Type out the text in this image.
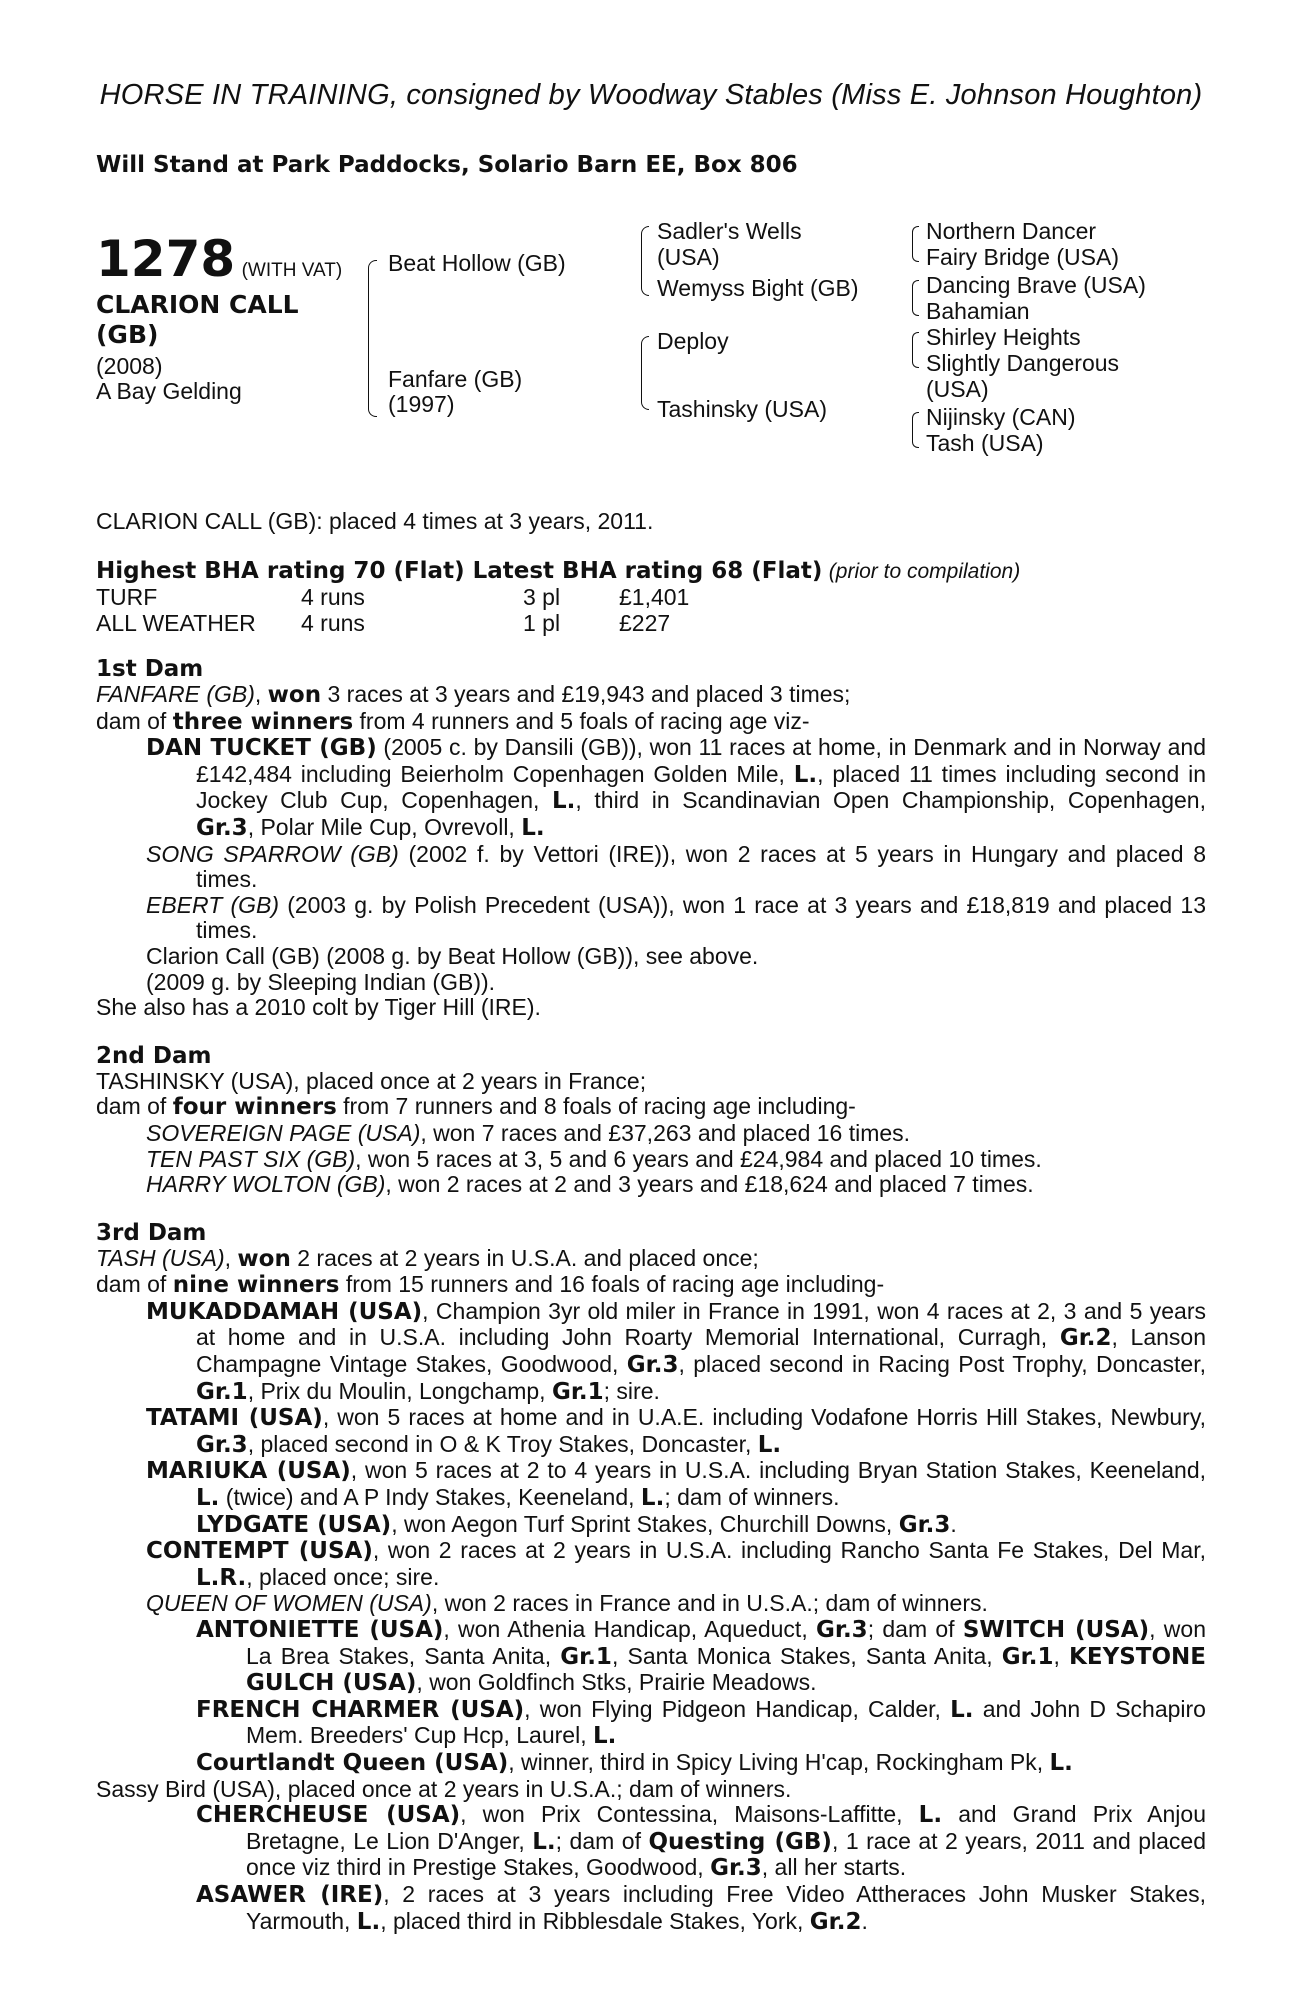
HORSE IN TRAINING, consigned by Woodway Stables (Miss E. Johnson Houghton)
Will Stand at Park Paddocks, Solario Barn EE, Box 806
1278 (WITH VAT)
CLARION CALL (GB)
(2008)
A Bay Gelding
Beat Hollow (GB)
Fanfare (GB)
(1997)
Sadler's Wells
(USA)
Wemyss Bight (GB)
Deploy
Tashinsky (USA)
Northern Dancer
Fairy Bridge (USA)
Dancing Brave (USA)
Bahamian
Shirley Heights
Slightly Dangerous
(USA)
Nijinsky (CAN)
Tash (USA)
CLARION CALL (GB): placed 4 times at 3 years, 2011.
Highest BHA rating 70 (Flat) Latest BHA rating 68 (Flat) (prior to compilation)
TURF	4 runs	3 pl	£1,401
ALL WEATHER 4 runs	1 pl	£227
1st Dam

FANFARE (GB), won 3 races at 3 years and £19,943 and placed 3 times;

dam of three winners from 4 runners and 5 foals of racing age viz-

DAN TUCKET (GB) (2005 c. by Dansili (GB)), won 11 races at home, in Denmark and in Norway and £142,484 including Beierholm Copenhagen Golden Mile, L., placed 11 times including second in Jockey Club Cup, Copenhagen, L., third in Scandinavian Open Championship, Copenhagen, Gr.3, Polar Mile Cup, Ovrevoll, L.

SONG SPARROW (GB) (2002 f. by Vettori (IRE)), won 2 races at 5 years in Hungary and placed 8 times.

EBERT (GB) (2003 g. by Polish Precedent (USA)), won 1 race at 3 years and £18,819 and placed 13 times.

Clarion Call (GB) (2008 g. by Beat Hollow (GB)), see above.

(2009 g. by Sleeping Indian (GB)).

She also has a 2010 colt by Tiger Hill (IRE).

2nd Dam

TASHINSKY (USA), placed once at 2 years in France;

dam of four winners from 7 runners and 8 foals of racing age including-

SOVEREIGN PAGE (USA), won 7 races and £37,263 and placed 16 times.

TEN PAST SIX (GB), won 5 races at 3, 5 and 6 years and £24,984 and placed 10 times.

HARRY WOLTON (GB), won 2 races at 2 and 3 years and £18,624 and placed 7 times.

3rd Dam

TASH (USA), won 2 races at 2 years in U.S.A. and placed once;

dam of nine winners from 15 runners and 16 foals of racing age including-

MUKADDAMAH (USA), Champion 3yr old miler in France in 1991, won 4 races at 2, 3 and 5 years at home and in U.S.A. including John Roarty Memorial International, Curragh, Gr.2, Lanson Champagne Vintage Stakes, Goodwood, Gr.3, placed second in Racing Post Trophy, Doncaster, Gr.1, Prix du Moulin, Longchamp, Gr.1; sire.

TATAMI (USA), won 5 races at home and in U.A.E. including Vodafone Horris Hill Stakes, Newbury, Gr.3, placed second in O & K Troy Stakes, Doncaster, L.

MARIUKA (USA), won 5 races at 2 to 4 years in U.S.A. including Bryan Station Stakes, Keeneland, L. (twice) and A P Indy Stakes, Keeneland, L.; dam of winners.

LYDGATE (USA), won Aegon Turf Sprint Stakes, Churchill Downs, Gr.3.

CONTEMPT (USA), won 2 races at 2 years in U.S.A. including Rancho Santa Fe Stakes, Del Mar, L.R., placed once; sire.

QUEEN OF WOMEN (USA), won 2 races in France and in U.S.A.; dam of winners.

ANTONIETTE (USA), won Athenia Handicap, Aqueduct, Gr.3; dam of SWITCH (USA), won La Brea Stakes, Santa Anita, Gr.1, Santa Monica Stakes, Santa Anita, Gr.1, KEYSTONE GULCH (USA), won Goldfinch Stks, Prairie Meadows.

FRENCH CHARMER (USA), won Flying Pidgeon Handicap, Calder, L. and John D Schapiro Mem. Breeders' Cup Hcp, Laurel, L.

Courtlandt Queen (USA), winner, third in Spicy Living H'cap, Rockingham Pk, L.

Sassy Bird (USA), placed once at 2 years in U.S.A.; dam of winners.

CHERCHEUSE (USA), won Prix Contessina, Maisons-Laffitte, L. and Grand Prix Anjou Bretagne, Le Lion D'Anger, L.; dam of Questing (GB), 1 race at 2 years, 2011 and placed once viz third in Prestige Stakes, Goodwood, Gr.3, all her starts.

ASAWER (IRE), 2 races at 3 years including Free Video Attheraces John Musker Stakes, Yarmouth, L., placed third in Ribblesdale Stakes, York, Gr.2.
